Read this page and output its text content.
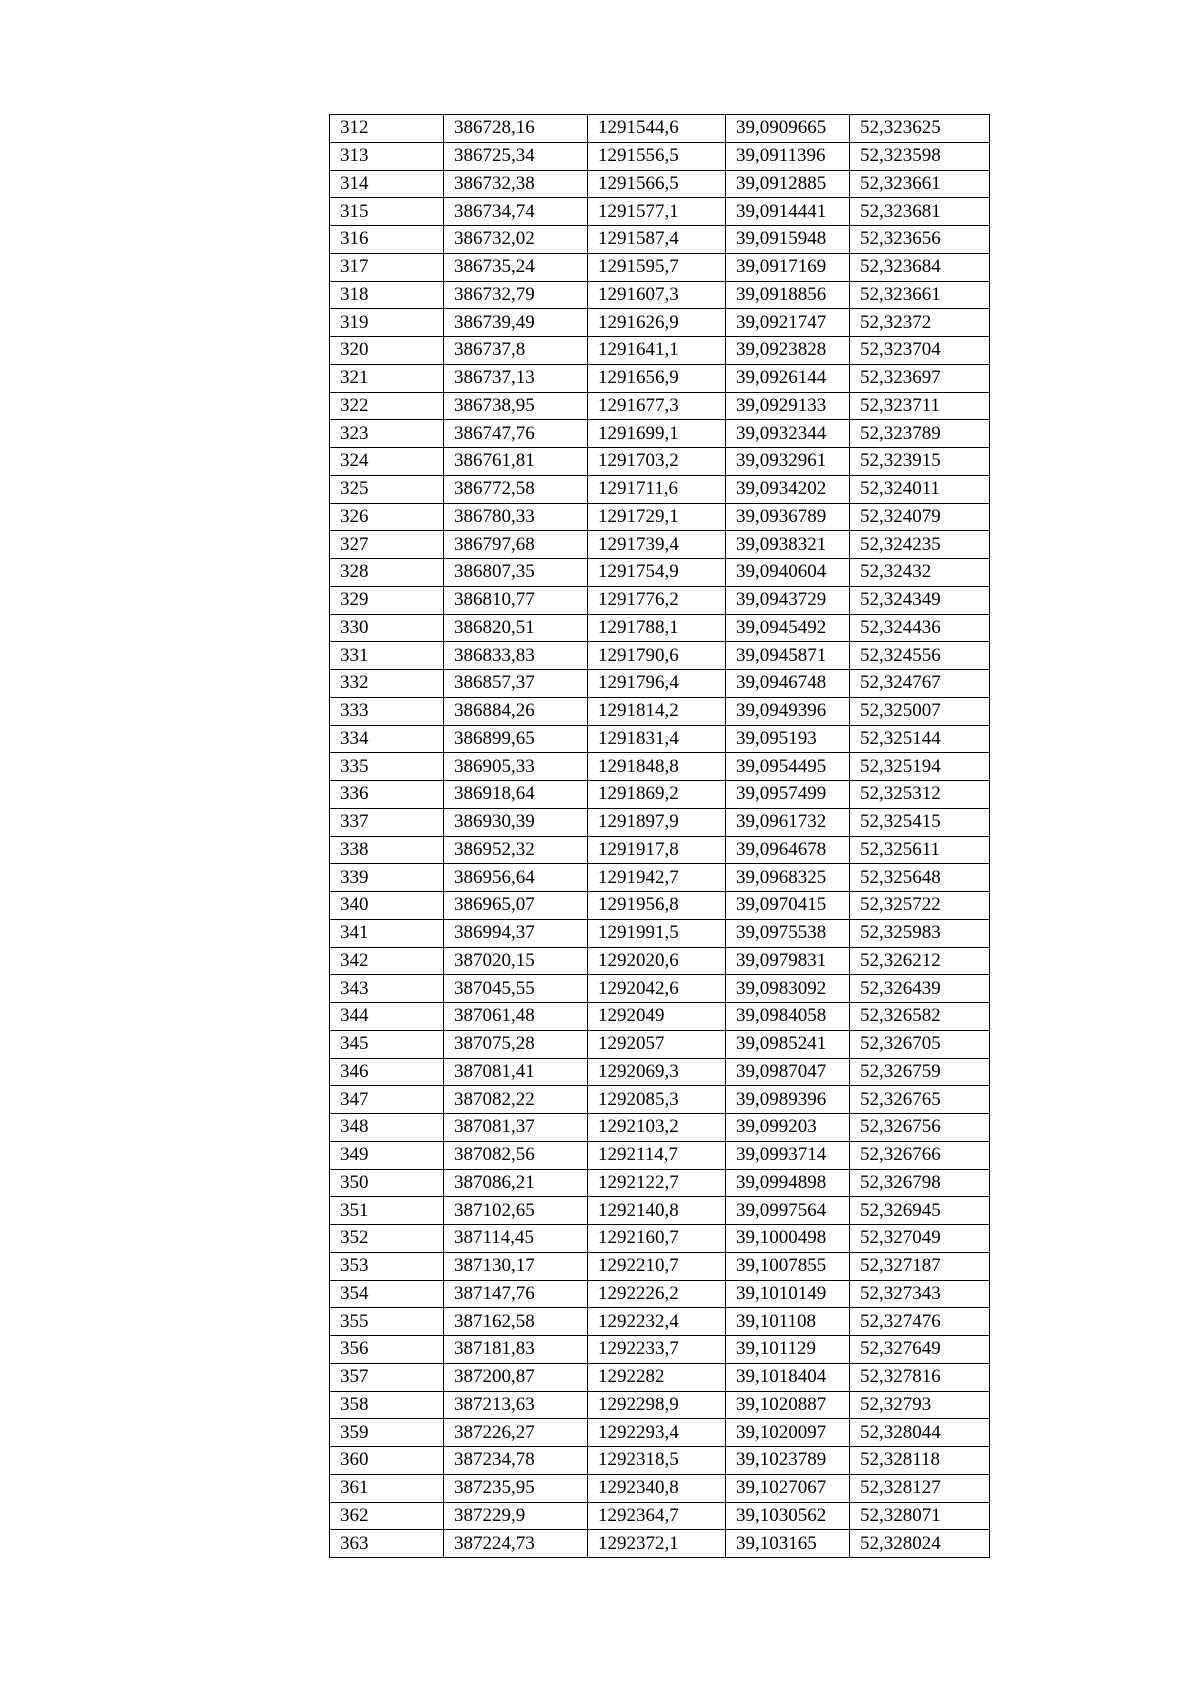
312	386728,16	1291544,6	39,0909665	52,323625
313	386725,34	1291556,5	39,0911396	52,323598
314	386732,38	1291566,5	39,0912885	52,323661
315	386734,74	1291577,1	39,0914441	52,323681
316	386732,02	1291587,4	39,0915948	52,323656
317	386735,24	1291595,7	39,0917169	52,323684
318	386732,79	1291607,3	39,0918856	52,323661
319	386739,49	1291626,9	39,0921747	52,32372
320	386737,8	1291641,1	39,0923828	52,323704
321	386737,13	1291656,9	39,0926144	52,323697
322	386738,95	1291677,3	39,0929133	52,323711
323	386747,76	1291699,1	39,0932344	52,323789
324	386761,81	1291703,2	39,0932961	52,323915
325	386772,58	1291711,6	39,0934202	52,324011
326	386780,33	1291729,1	39,0936789	52,324079
327	386797,68	1291739,4	39,0938321	52,324235
328	386807,35	1291754,9	39,0940604	52,32432
329	386810,77	1291776,2	39,0943729	52,324349
330	386820,51	1291788,1	39,0945492	52,324436
331	386833,83	1291790,6	39,0945871	52,324556
332	386857,37	1291796,4	39,0946748	52,324767
333	386884,26	1291814,2	39,0949396	52,325007
334	386899,65	1291831,4	39,095193	52,325144
335	386905,33	1291848,8	39,0954495	52,325194
336	386918,64	1291869,2	39,0957499	52,325312
337	386930,39	1291897,9	39,0961732	52,325415
338	386952,32	1291917,8	39,0964678	52,325611
339	386956,64	1291942,7	39,0968325	52,325648
340	386965,07	1291956,8	39,0970415	52,325722
341	386994,37	1291991,5	39,0975538	52,325983
342	387020,15	1292020,6	39,0979831	52,326212
343	387045,55	1292042,6	39,0983092	52,326439
344	387061,48	1292049	39,0984058	52,326582
345	387075,28	1292057	39,0985241	52,326705
346	387081,41	1292069,3	39,0987047	52,326759
347	387082,22	1292085,3	39,0989396	52,326765
348	387081,37	1292103,2	39,099203	52,326756
349	387082,56	1292114,7	39,0993714	52,326766
350	387086,21	1292122,7	39,0994898	52,326798
351	387102,65	1292140,8	39,0997564	52,326945
352	387114,45	1292160,7	39,1000498	52,327049
353	387130,17	1292210,7	39,1007855	52,327187
354	387147,76	1292226,2	39,1010149	52,327343
355	387162,58	1292232,4	39,101108	52,327476
356	387181,83	1292233,7	39,101129	52,327649
357	387200,87	1292282	39,1018404	52,327816
358	387213,63	1292298,9	39,1020887	52,32793
359	387226,27	1292293,4	39,1020097	52,328044
360	387234,78	1292318,5	39,1023789	52,328118
361	387235,95	1292340,8	39,1027067	52,328127
362	387229,9	1292364,7	39,1030562	52,328071
363	387224,73	1292372,1	39,103165	52,328024
